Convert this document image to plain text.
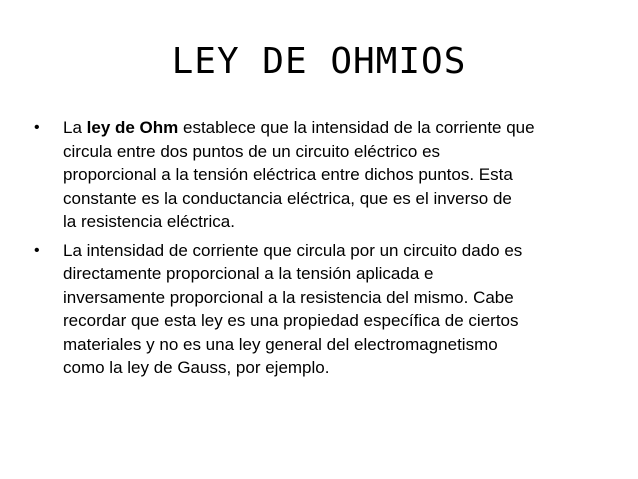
LEY DE OHMIOS
• La ley de Ohm establece que la intensidad de la corriente que
circula entre dos puntos de un circuito eléctrico es
proporcional a la tensión eléctrica entre dichos puntos. Esta
constante es la conductancia eléctrica, que es el inverso de
la resistencia eléctrica.

• La intensidad de corriente que circula por un circuito dado es
directamente proporcional a la tensión aplicada e
inversamente proporcional a la resistencia del mismo. Cabe
recordar que esta ley es una propiedad específica de ciertos
materiales y no es una ley general del electromagnetismo
como la ley de Gauss, por ejemplo.
